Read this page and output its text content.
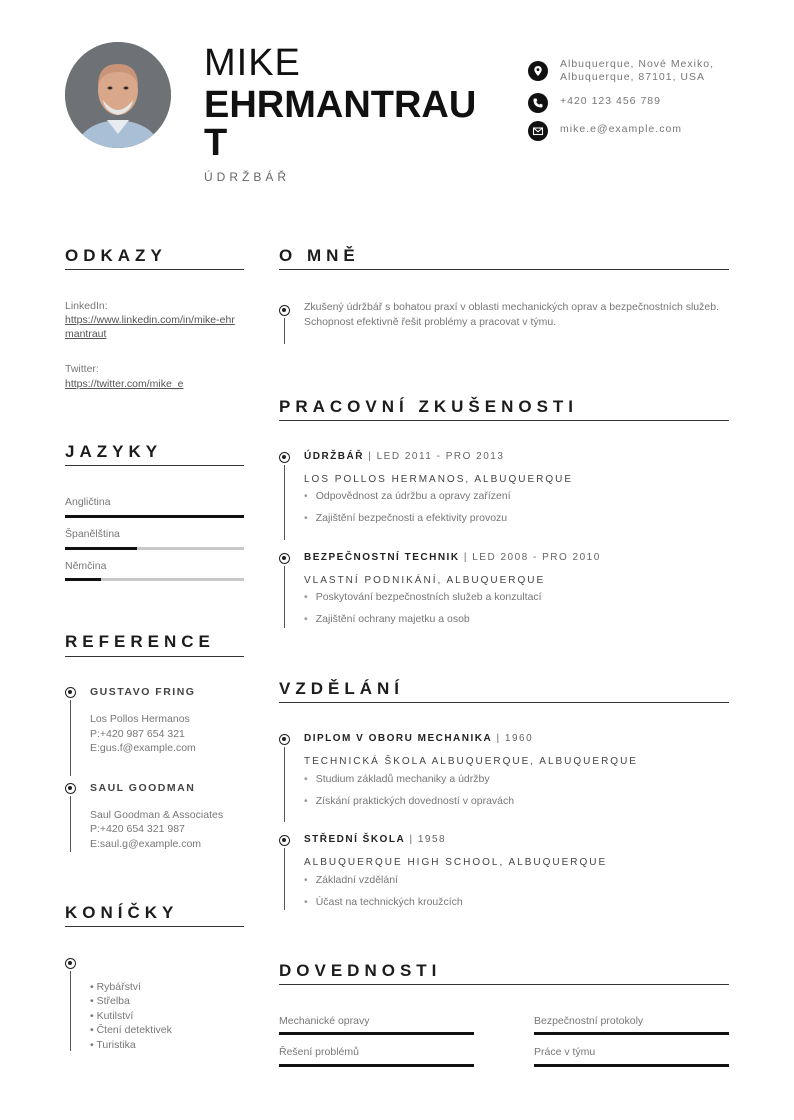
MIKE
EHRMANTRAUT
ÚDRŽBÁŘ
Albuquerque, Nové Mexiko,
Albuquerque, 87101, USA
+420 123 456 789
mike.e@example.com
ODKAZY
LinkedIn:
https://www.linkedin.com/in/mike-ehrmantraut
Twitter:
https://twitter.com/mike_e
JAZYKY
Angličtina
Španělština
Němčina
REFERENCE
GUSTAVO FRING
Los Pollos Hermanos
P:+420 987 654 321
E:gus.f@example.com
SAUL GOODMAN
Saul Goodman & Associates
P:+420 654 321 987
E:saul.g@example.com
KONÍČKY
• Rybářství
• Střelba
• Kutilství
• Čtení detektivek
• Turistika
O MNĚ
Zkušený údržbář s bohatou praxí v oblasti mechanických oprav a bezpečnostních služeb. Schopnost efektivně řešit problémy a pracovat v týmu.
PRACOVNÍ ZKUŠENOSTI
ÚDRŽBÁŘ | LED 2011 - PRO 2013
LOS POLLOS HERMANOS, ALBUQUERQUE
• Odpovědnost za údržbu a opravy zařízení
• Zajištění bezpečnosti a efektivity provozu
BEZPEČNOSTNÍ TECHNIK | LED 2008 - PRO 2010
VLASTNÍ PODNIKÁNÍ, ALBUQUERQUE
• Poskytování bezpečnostních služeb a konzultací
• Zajištění ochrany majetku a osob
VZDĚLÁNÍ
DIPLOM V OBORU MECHANIKA | 1960
TECHNICKÁ ŠKOLA ALBUQUERQUE, ALBUQUERQUE
• Studium základů mechaniky a údržby
• Získání praktických dovedností v opravách
STŘEDNÍ ŠKOLA | 1958
ALBUQUERQUE HIGH SCHOOL, ALBUQUERQUE
• Základní vzdělání
• Účast na technických kroužcích
DOVEDNOSTI
Mechanické opravy	Bezpečnostní protokoly
Řešení problémů	Práce v týmu
